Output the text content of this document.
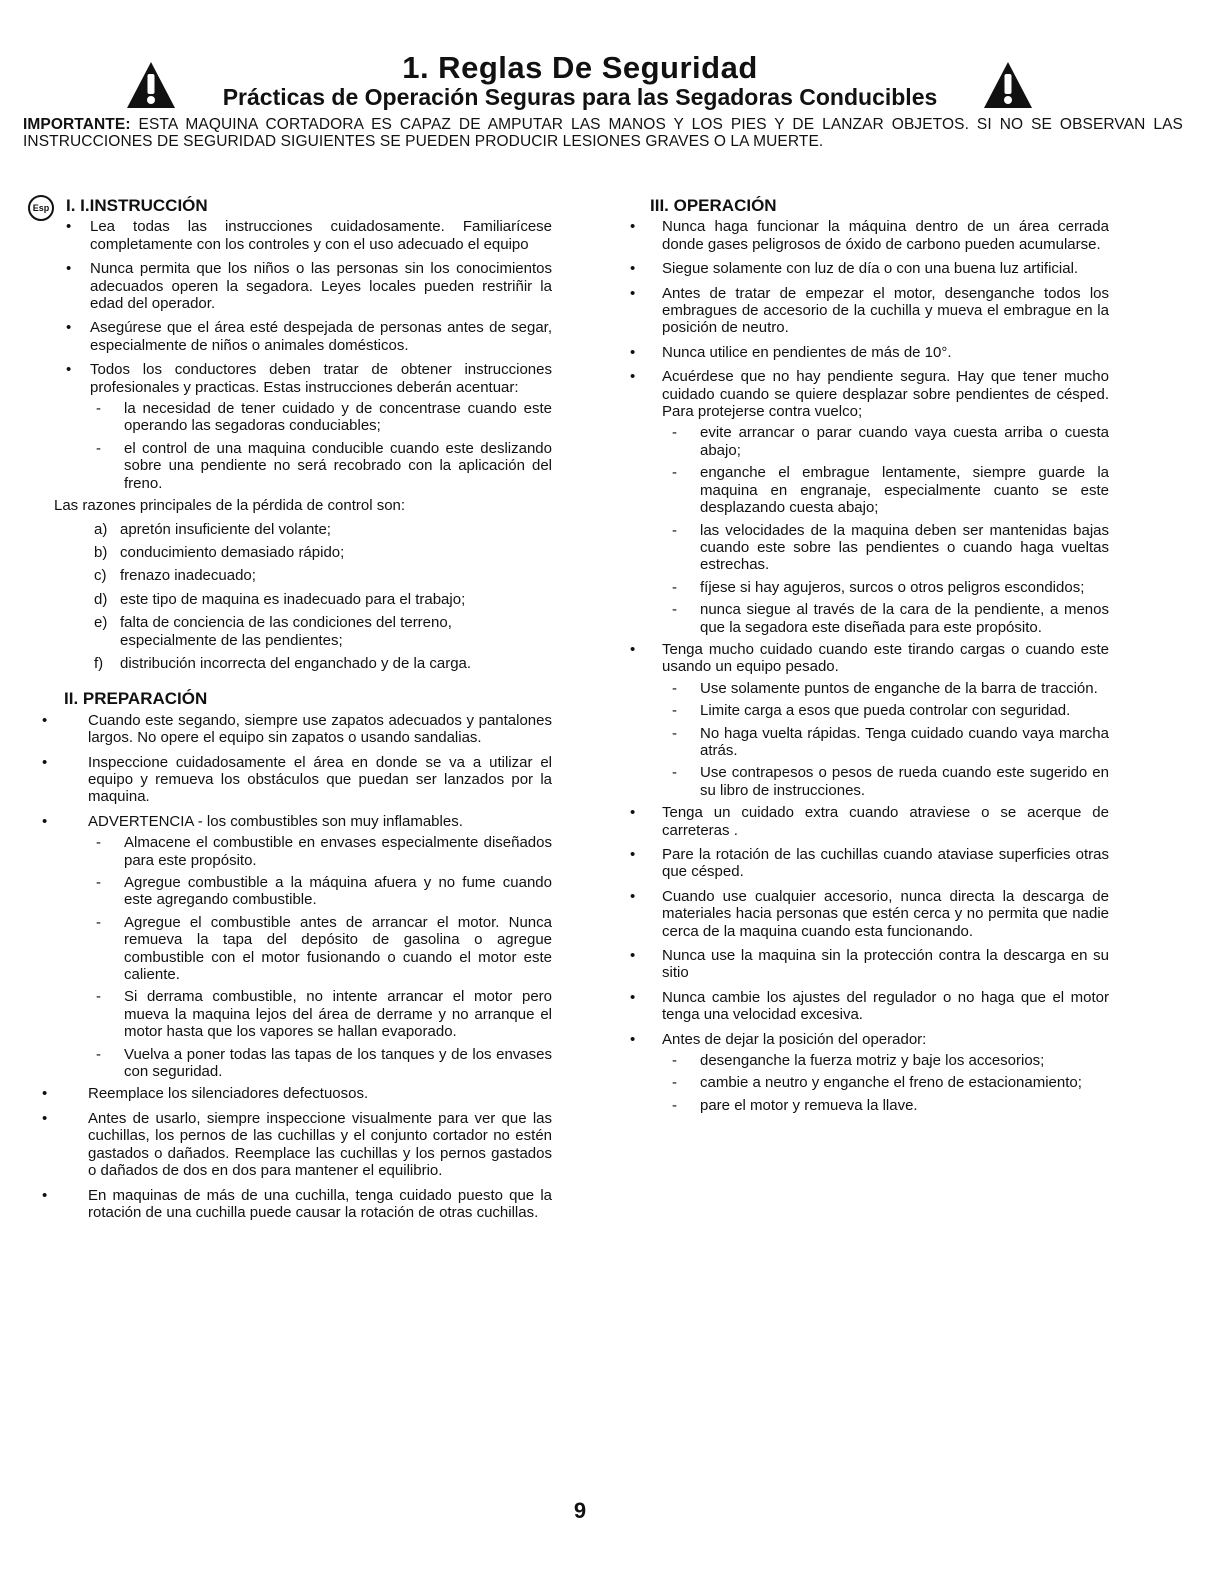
1. Reglas De Seguridad
Prácticas de Operación Seguras para las Segadoras Conducibles
IMPORTANTE: ESTA MAQUINA CORTADORA ES CAPAZ DE AMPUTAR LAS MANOS Y LOS PIES Y DE LANZAR OBJETOS. SI NO SE OBSERVAN LAS INSTRUCCIONES DE SEGURIDAD SIGUIENTES SE PUEDEN PRODUCIR LESIONES GRAVES O LA MUERTE.
Esp I. I.INSTRUCCIÓN
• Lea todas las instrucciones cuidadosamente. Familiarícese completamente con los controles y con el uso adecuado el equipo
• Nunca permita que los niños o las personas sin los conocimientos adecuados operen la segadora. Leyes locales pueden restriñir la edad del operador.
• Asegúrese que el área esté despejada de personas antes de segar, especialmente de niños o animales domésticos.
• Todos los conductores deben tratar de obtener instrucciones profesionales y practicas. Estas instrucciones deberán acentuar:
- la necesidad de tener cuidado y de concentrase cuando este operando las segadoras conduciables;
- el control de una maquina conducible cuando este deslizando sobre una pendiente no será recobrado con la aplicación del freno.
Las razones principales de la pérdida de control son:
a) apretón insuficiente del volante;
b) conducimiento demasiado rápido;
c) frenazo inadecuado;
d) este tipo de maquina es inadecuado para el trabajo;
e) falta de conciencia de las condiciones del terreno, especialmente de las pendientes;
f) distribución incorrecta del enganchado y de la carga.
II. PREPARACIÓN
• Cuando este segando, siempre use zapatos adecuados y pantalones largos. No opere el equipo sin zapatos o usando sandalias.
• Inspeccione cuidadosamente el área en donde se va a utilizar el equipo y remueva los obstáculos que puedan ser lanzados por la maquina.
• ADVERTENCIA - los combustibles son muy inflamables.
- Almacene el combustible en envases especialmente diseñados para este propósito.
- Agregue combustible a la máquina afuera y no fume cuando este agregando combustible.
- Agregue el combustible antes de arrancar el motor. Nunca remueva la tapa del depósito de gasolina o agregue combustible con el motor fusionando o cuando el motor este caliente.
- Si derrama combustible, no intente arrancar el motor pero mueva la maquina lejos del área de derrame y no arranque el motor hasta que los vapores se hallan evaporado.
- Vuelva a poner todas las tapas de los tanques y de los envases con seguridad.
• Reemplace los silenciadores defectuosos.
• Antes de usarlo, siempre inspeccione visualmente para ver que las cuchillas, los pernos de las cuchillas y el conjunto cortador no estén gastados o dañados. Reemplace las cuchillas y los pernos gastados o dañados de dos en dos para mantener el equilibrio.
• En maquinas de más de una cuchilla, tenga cuidado puesto que la rotación de una cuchilla puede causar la rotación de otras cuchillas.
III. OPERACIÓN
• Nunca haga funcionar la máquina dentro de un área cerrada donde gases peligrosos de óxido de carbono pueden acumularse.
• Siegue solamente con luz de día o con una buena luz artificial.
• Antes de tratar de empezar el motor, desenganche todos los embragues de accesorio de la cuchilla y mueva el embrague en la posición de neutro.
• Nunca utilice en pendientes de más de 10°.
• Acuérdese que no hay pendiente segura. Hay que tener mucho cuidado cuando se quiere desplazar sobre pendientes de césped. Para protejerse contra vuelco;
- evite arrancar o parar cuando vaya cuesta arriba o cuesta abajo;
- enganche el embrague lentamente, siempre guarde la maquina en engranaje, especialmente cuanto se este desplazando cuesta abajo;
- las velocidades de la maquina deben ser mantenidas bajas cuando este sobre las pendientes o cuando haga vueltas estrechas.
- fíjese si hay agujeros, surcos o otros peligros escondidos;
- nunca siegue al través de la cara de la pendiente, a menos que la segadora este diseñada para este propósito.
• Tenga mucho cuidado cuando este tirando cargas o cuando este usando un equipo pesado.
- Use solamente puntos de enganche de la barra de tracción.
- Limite carga a esos que pueda controlar con seguridad.
- No haga vuelta rápidas. Tenga cuidado cuando vaya marcha atrás.
- Use contrapesos o pesos de rueda cuando este sugerido en su libro de instrucciones.
• Tenga un cuidado extra cuando atraviese o se acerque de carreteras .
• Pare la rotación de las cuchillas cuando ataviase superficies otras que césped.
• Cuando use cualquier accesorio, nunca directa la descarga de materiales hacia personas que estén cerca y no permita que nadie cerca de la maquina cuando esta funcionando.
• Nunca use la maquina sin la protección contra la descarga en su sitio
• Nunca cambie los ajustes del regulador o no haga que el motor tenga una velocidad excesiva.
• Antes de dejar la posición del operador:
- desenganche la fuerza motriz y baje los accesorios;
- cambie a neutro y enganche el freno de estacionamiento;
- pare el motor y remueva la llave.
9
